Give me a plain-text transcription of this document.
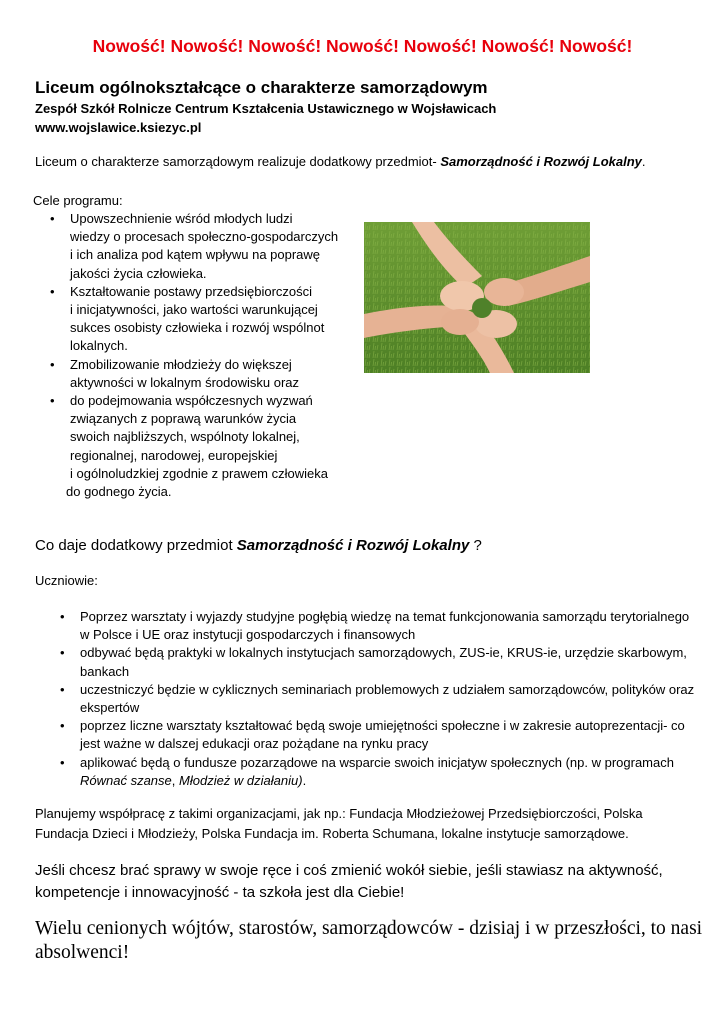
Nowość! Nowość! Nowość! Nowość! Nowość! Nowość! Nowość!
Liceum ogólnokształcące o charakterze samorządowym
Zespół Szkół Rolnicze Centrum Kształcenia Ustawicznego w Wojsławicach
www.wojslawice.ksiezyc.pl
Liceum o charakterze samorządowym realizuje dodatkowy przedmiot- Samorządność i Rozwój Lokalny.
Cele programu:
• Upowszechnienie wśród młodych ludzi
wiedzy o procesach społeczno-gospodarczych
i ich analiza pod kątem wpływu na poprawę
jakości życia człowieka.
• Kształtowanie postawy przedsiębiorczości
i inicjatywności, jako wartości warunkującej
sukces osobisty człowieka i rozwój wspólnot
lokalnych.
• Zmobilizowanie młodzieży do większej
aktywności w lokalnym środowisku oraz
• do podejmowania współczesnych wyzwań
związanych z poprawą warunków życia
swoich najbliższych, wspólnoty lokalnej,
regionalnej, narodowej, europejskiej
i ogólnoludzkiej zgodnie z prawem człowieka
do godnego życia.
Co daje dodatkowy przedmiot Samorządność i Rozwój Lokalny ?
Uczniowie:
• Poprzez warsztaty i wyjazdy studyjne pogłębią wiedzę na temat funkcjonowania samorządu terytorialnego w Polsce i UE oraz instytucji gospodarczych i finansowych
• odbywać będą praktyki w lokalnych instytucjach samorządowych, ZUS-ie, KRUS-ie, urzędzie skarbowym, bankach
• uczestniczyć będzie w cyklicznych seminariach problemowych z udziałem samorządowców, polityków oraz ekspertów
• poprzez liczne warsztaty kształtować będą swoje umiejętności społeczne i w zakresie autoprezentacji- co jest ważne w dalszej edukacji oraz pożądane na rynku pracy
• aplikować będą o fundusze pozarządowe na wsparcie swoich inicjatyw społecznych (np. w programach Równać szanse, Młodzież w działaniu).
Planujemy współpracę z takimi organizacjami, jak np.: Fundacja Młodzieżowej Przedsiębiorczości, Polska Fundacja Dzieci i Młodzieży, Polska Fundacja im. Roberta Schumana, lokalne instytucje samorządowe.
Jeśli chcesz brać sprawy w swoje ręce i coś zmienić wokół siebie, jeśli stawiasz na aktywność, kompetencje i innowacyjność - ta szkoła jest dla Ciebie!
Wielu cenionych wójtów, starostów, samorządowców - dzisiaj i w przeszłości, to nasi absolwenci!
